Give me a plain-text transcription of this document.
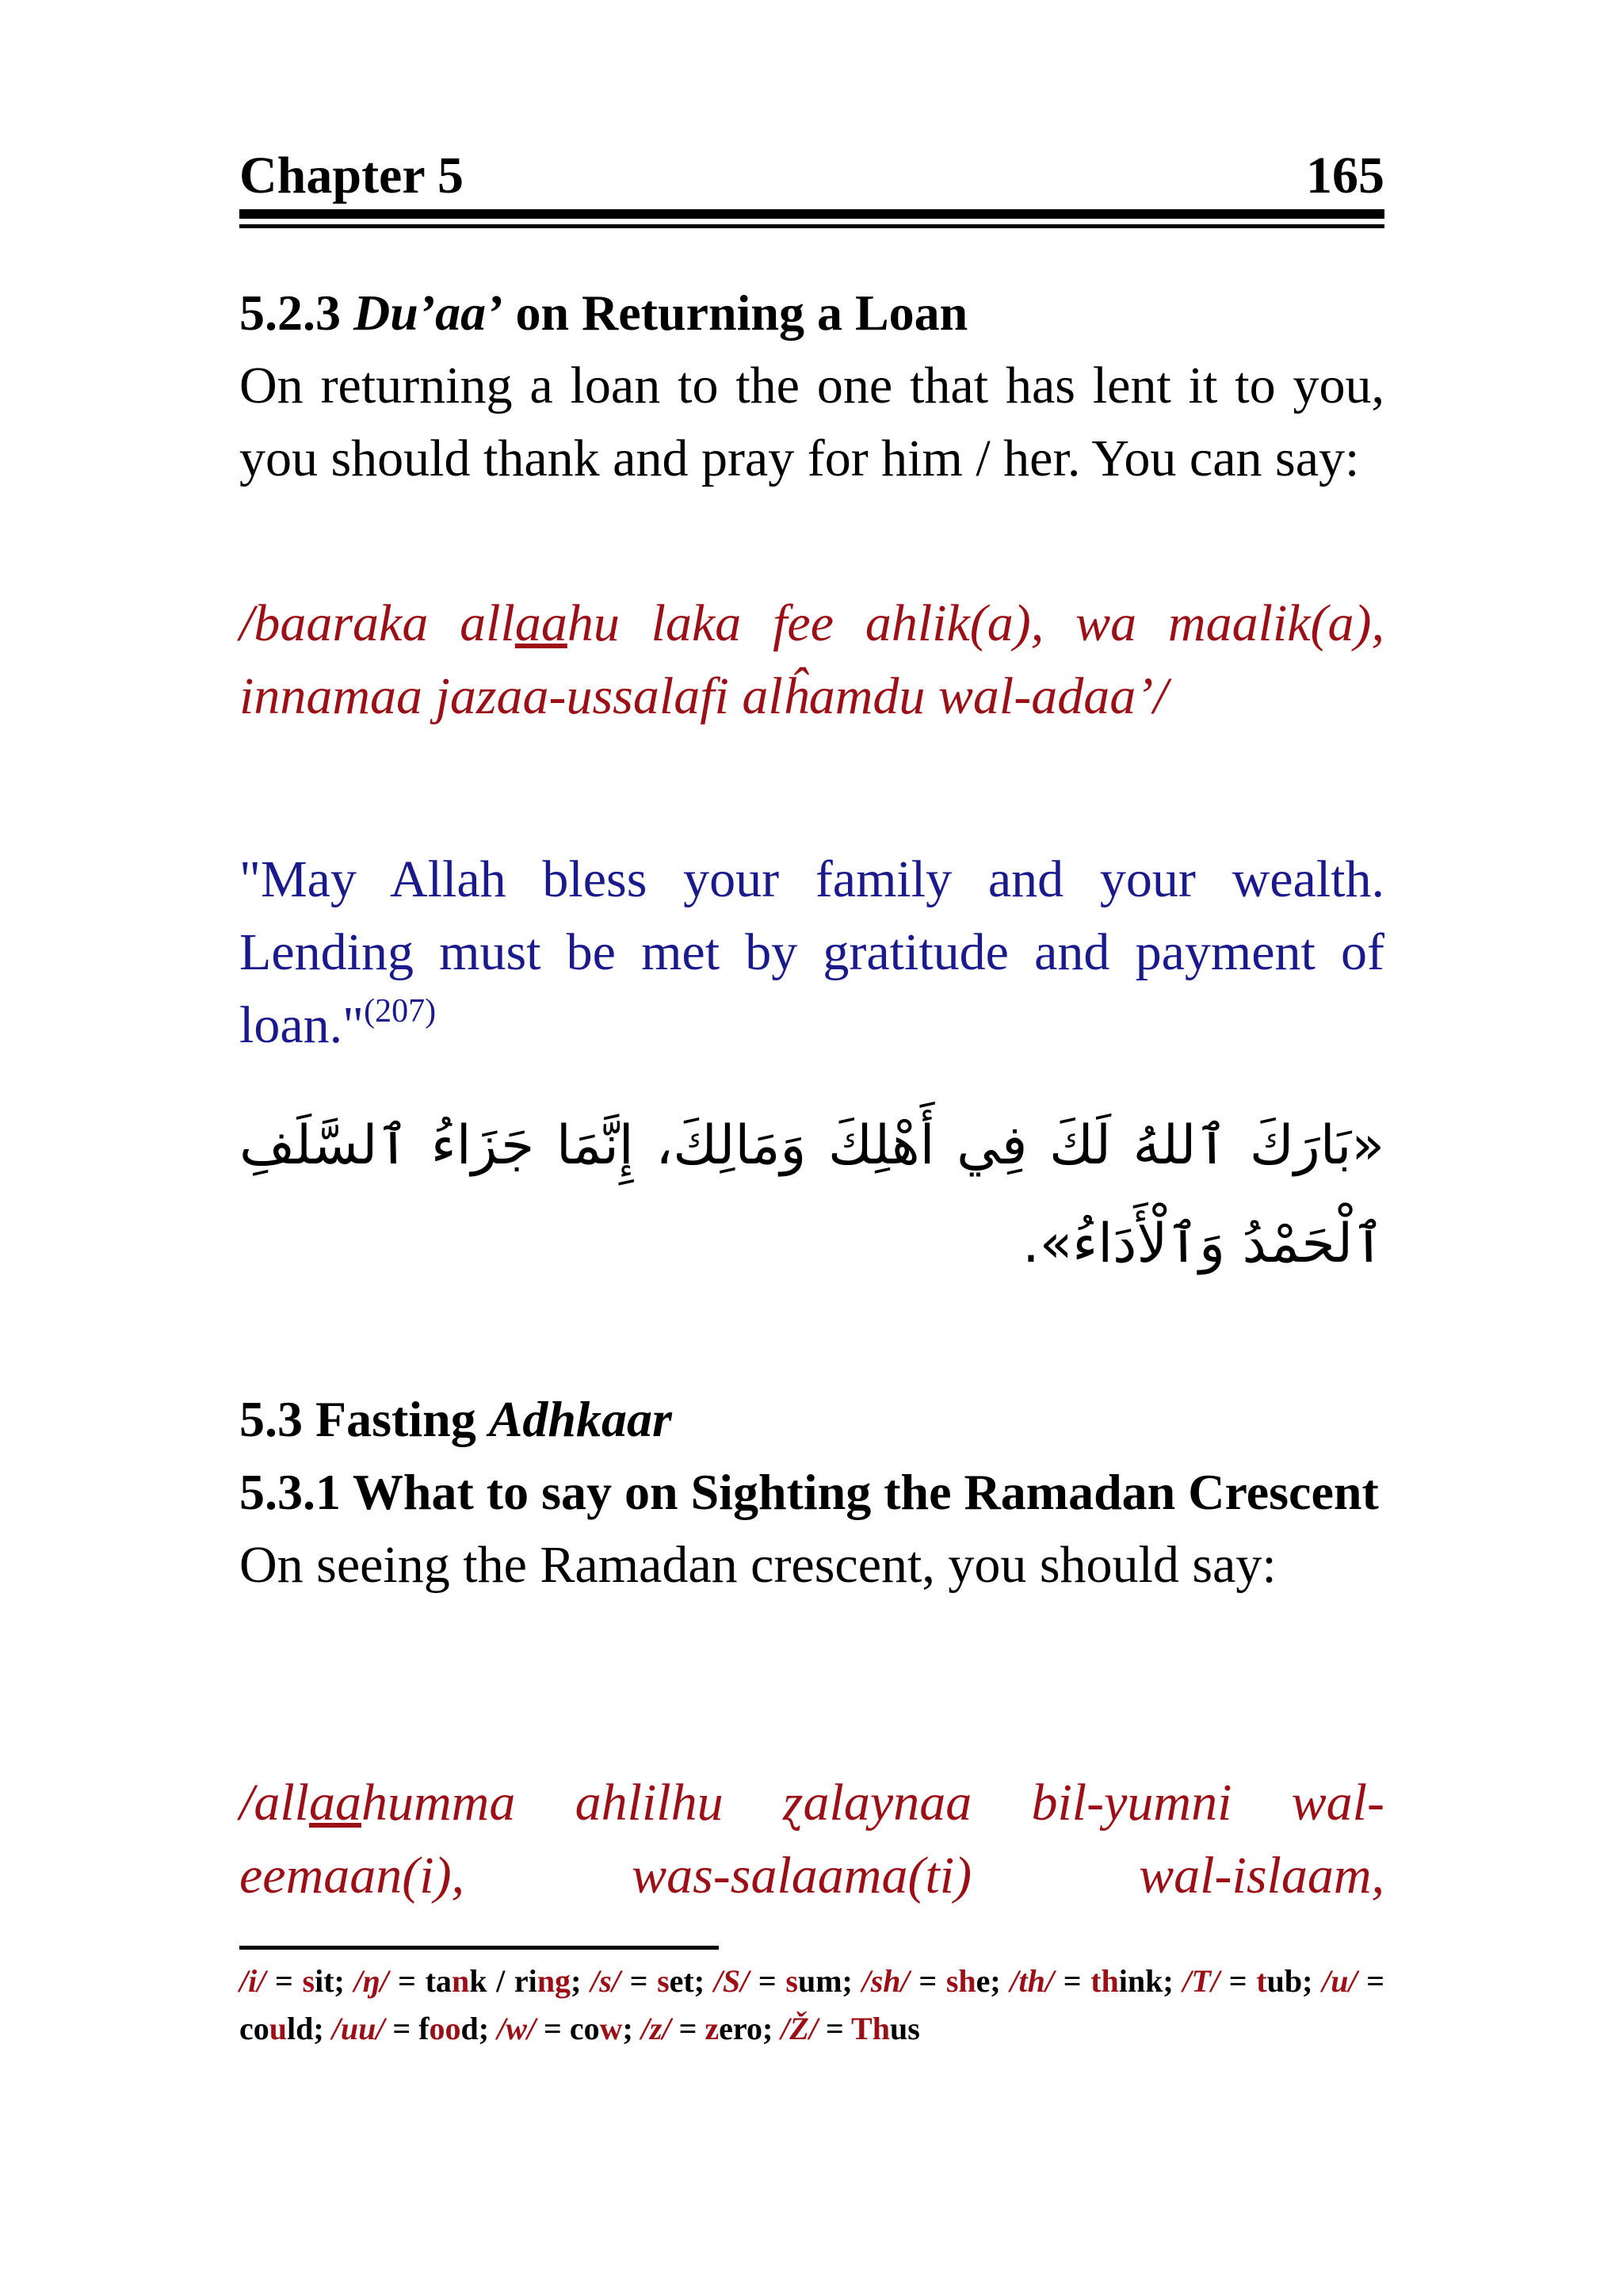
Chapter 5	165

5.2.3 Du’aa’ on Returning a Loan

On returning a loan to the one that has lent it to you, you should thank and pray for him / her. You can say:

/baaraka allaahu laka fee ahlik(a), wa maalik(a), innamaa jazaa-ussalafi alĥamdu wal-adaa’/

"May Allah bless your family and your wealth. Lending must be met by gratitude and payment of loan."$^{(207)}$

«بَارَكَ ٱللهُ لَكَ فِي أَهْلِكَ وَمَالِكَ، إِنَّمَا جَزَاءُ ٱلسَّلَفِ ٱلْحَمْدُ وَٱلْأَدَاءُ».

5.3 Fasting Adhkaar

5.3.1 What to say on Sighting the Ramadan Crescent

On seeing the Ramadan crescent, you should say:

/allaahumma ahlilhu ɀalaynaa bil-yumni wal-eemaan(i), was-salaama(ti) wal-islaam,

/i/ = sit; /ŋ/ = tank / ring; /s/ = set; /S/ = sum; /sh/ = she; /th/ = think; /T/ = tub; /u/ = could; /uu/ = food; /w/ = cow; /z/ = zero; /Ž/ = Thus
